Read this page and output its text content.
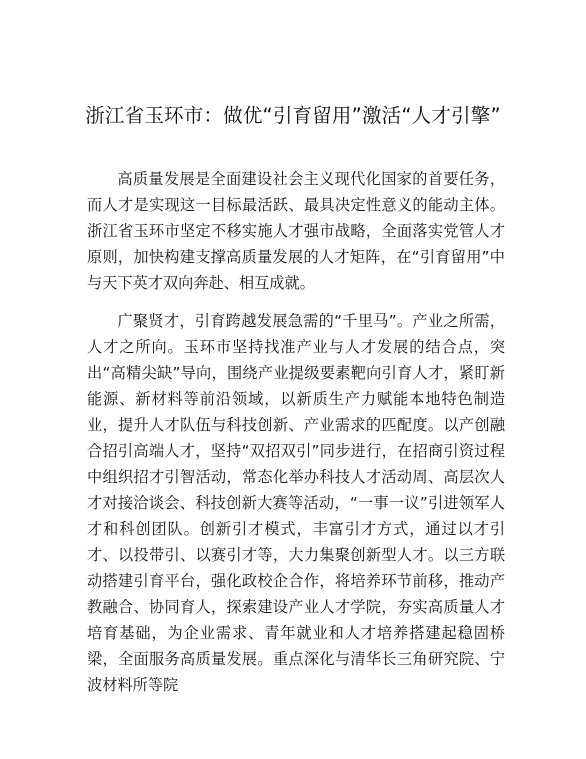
浙江省玉环市：做优“引育留用”激活“人才引擎”

高质量发展是全面建设社会主义现代化国家的首要任务，而人才是实现这一目标最活跃、最具决定性意义的能动主体。浙江省玉环市坚定不移实施人才强市战略，全面落实党管人才原则，加快构建支撑高质量发展的人才矩阵，在“引育留用”中与天下英才双向奔赴、相互成就。

广聚贤才，引育跨越发展急需的“千里马”。产业之所需，人才之所向。玉环市坚持找准产业与人才发展的结合点，突出“高精尖缺”导向，围绕产业提级要素靶向引育人才，紧盯新能源、新材料等前沿领域，以新质生产力赋能本地特色制造业，提升人才队伍与科技创新、产业需求的匹配度。以产创融合招引高端人才，坚持“双招双引”同步进行，在招商引资过程中组织招才引智活动，常态化举办科技人才活动周、高层次人才对接洽谈会、科技创新大赛等活动，“一事一议”引进领军人才和科创团队。创新引才模式，丰富引才方式，通过以才引才、以投带引、以赛引才等，大力集聚创新型人才。以三方联动搭建引育平台，强化政校企合作，将培养环节前移，推动产教融合、协同育人，探索建设产业人才学院，夯实高质量人才培育基础，为企业需求、青年就业和人才培养搭建起稳固桥梁，全面服务高质量发展。重点深化与清华长三角研究院、宁波材料所等院
